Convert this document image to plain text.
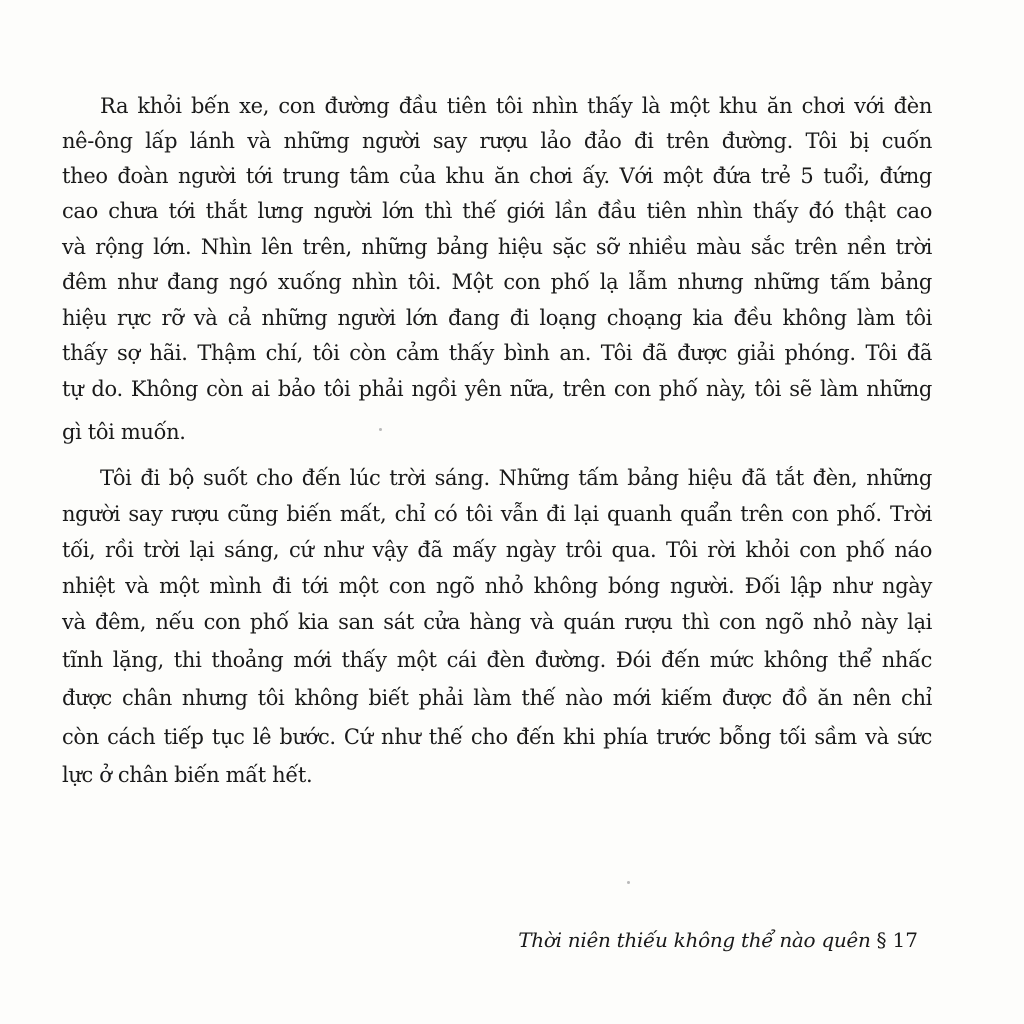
Ra khỏi bến xe, con đường đầu tiên tôi nhìn thấy là một khu ăn chơi với đèn
nê-ông lấp lánh và những người say rượu lảo đảo đi trên đường. Tôi bị cuốn
theo đoàn người tới trung tâm của khu ăn chơi ấy. Với một đứa trẻ 5 tuổi, đứng
cao chưa tới thắt lưng người lớn thì thế giới lần đầu tiên nhìn thấy đó thật cao
và rộng lớn. Nhìn lên trên, những bảng hiệu sặc sỡ nhiều màu sắc trên nền trời
đêm như đang ngó xuống nhìn tôi. Một con phố lạ lẫm nhưng những tấm bảng
hiệu rực rỡ và cả những người lớn đang đi loạng choạng kia đều không làm tôi
thấy sợ hãi. Thậm chí, tôi còn cảm thấy bình an. Tôi đã được giải phóng. Tôi đã
tự do. Không còn ai bảo tôi phải ngồi yên nữa, trên con phố này, tôi sẽ làm những
gì tôi muốn.
Tôi đi bộ suốt cho đến lúc trời sáng. Những tấm bảng hiệu đã tắt đèn, những
người say rượu cũng biến mất, chỉ có tôi vẫn đi lại quanh quẩn trên con phố. Trời
tối, rồi trời lại sáng, cứ như vậy đã mấy ngày trôi qua. Tôi rời khỏi con phố náo
nhiệt và một mình đi tới một con ngõ nhỏ không bóng người. Đối lập như ngày
và đêm, nếu con phố kia san sát cửa hàng và quán rượu thì con ngõ nhỏ này lại
tĩnh lặng, thi thoảng mới thấy một cái đèn đường. Đói đến mức không thể nhấc
được chân nhưng tôi không biết phải làm thế nào mới kiếm được đồ ăn nên chỉ
còn cách tiếp tục lê bước. Cứ như thế cho đến khi phía trước bỗng tối sầm và sức
lực ở chân biến mất hết.
Thời niên thiếu không thể nào quên § 17
